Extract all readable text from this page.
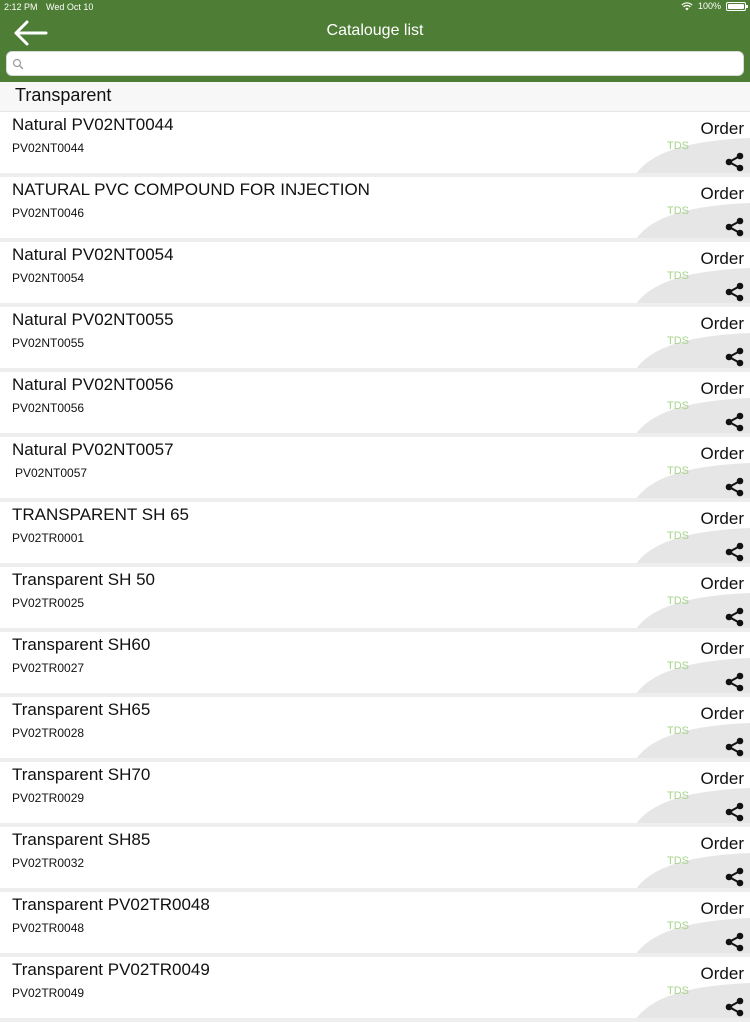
2:12 PM Wed Oct 10	100%
Catalouge list
Transparent
Natural PV02NT0044
PV02NT0044
Order
TDS
NATURAL PVC COMPOUND FOR INJECTION
PV02NT0046
Order
TDS
Natural PV02NT0054
PV02NT0054
Order
TDS
Natural PV02NT0055
PV02NT0055
Order
TDS
Natural PV02NT0056
PV02NT0056
Order
TDS
Natural PV02NT0057
PV02NT0057
Order
TDS
TRANSPARENT SH 65
PV02TR0001
Order
TDS
Transparent SH 50
PV02TR0025
Order
TDS
Transparent SH60
PV02TR0027
Order
TDS
Transparent SH65
PV02TR0028
Order
TDS
Transparent SH70
PV02TR0029
Order
TDS
Transparent SH85
PV02TR0032
Order
TDS
Transparent PV02TR0048
PV02TR0048
Order
TDS
Transparent PV02TR0049
PV02TR0049
Order
TDS
